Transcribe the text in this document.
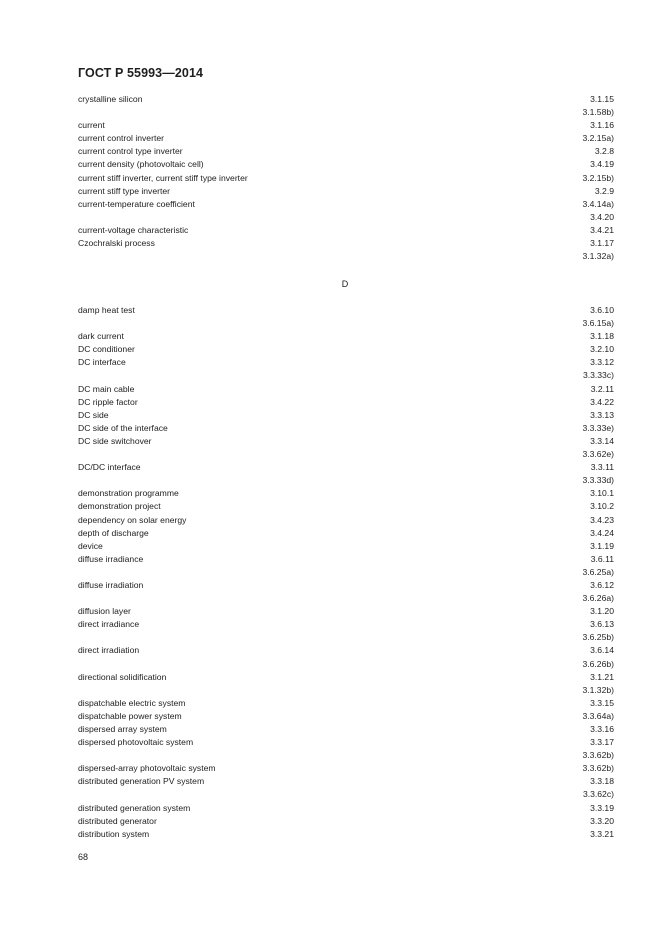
ГОСТ Р 55993—2014
crystalline silicon	3.1.15
3.1.58b)
current	3.1.16
current control inverter	3.2.15a)
current control type inverter	3.2.8
current density (photovoltaic cell)	3.4.19
current stiff inverter, current stiff type inverter	3.2.15b)
current stiff type inverter	3.2.9
current-temperature coefficient	3.4.14a)
3.4.20
current-voltage characteristic	3.4.21
Czochralski process	3.1.17
3.1.32a)
D
damp heat test	3.6.10
3.6.15a)
dark current	3.1.18
DC conditioner	3.2.10
DC interface	3.3.12
3.3.33c)
DC main cable	3.2.11
DC ripple factor	3.4.22
DC side	3.3.13
DC side of the interface	3.3.33e)
DC side switchover	3.3.14
3.3.62e)
DC/DC interface	3.3.11
3.3.33d)
demonstration programme	3.10.1
demonstration project	3.10.2
dependency on solar energy	3.4.23
depth of discharge	3.4.24
device	3.1.19
diffuse irradiance	3.6.11
3.6.25a)
diffuse irradiation	3.6.12
3.6.26a)
diffusion layer	3.1.20
direct irradiance	3.6.13
3.6.25b)
direct irradiation	3.6.14
3.6.26b)
directional solidification	3.1.21
3.1.32b)
dispatchable electric system	3.3.15
dispatchable power system	3.3.64a)
dispersed array system	3.3.16
dispersed photovoltaic system	3.3.17
3.3.62b)
dispersed-array photovoltaic system	3.3.62b)
distributed generation PV system	3.3.18
3.3.62c)
distributed generation system	3.3.19
distributed generator	3.3.20
distribution system	3.3.21
68
